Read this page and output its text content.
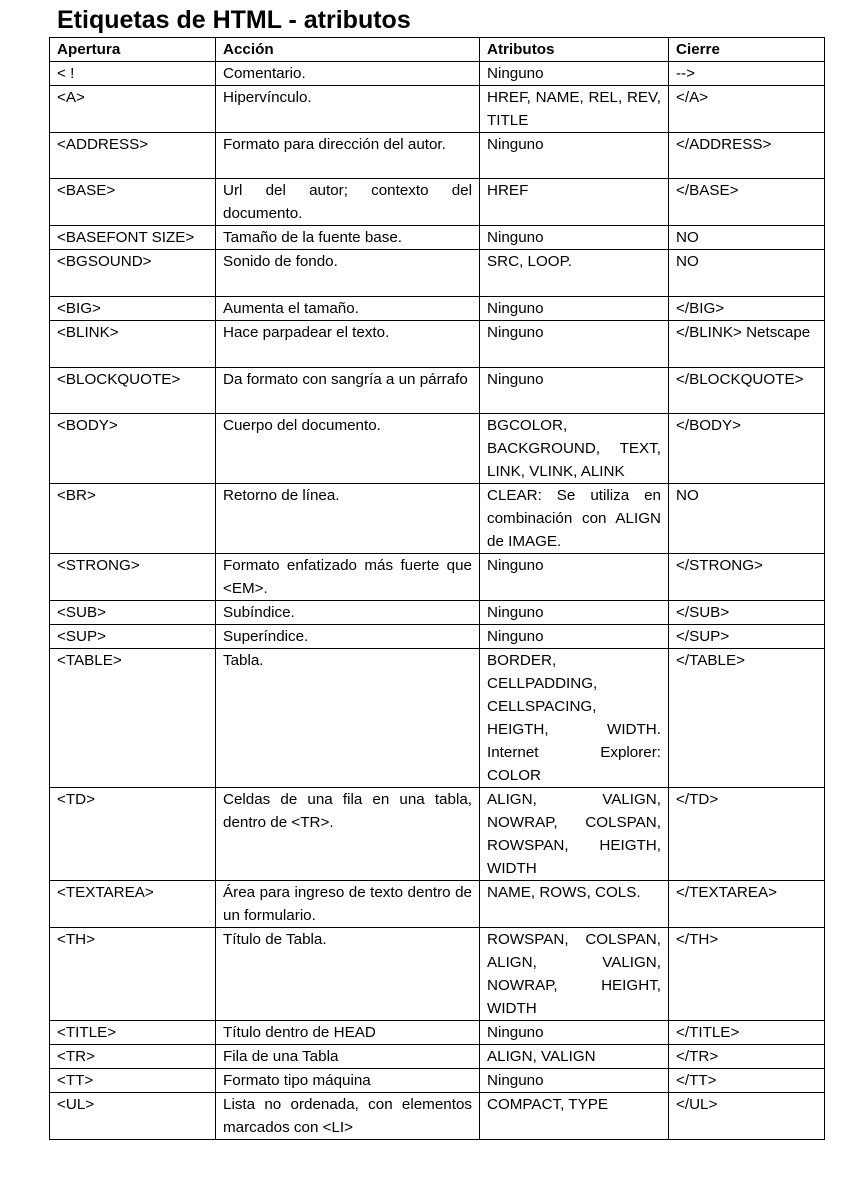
Etiquetas de HTML - atributos
Apertura	Acción	Atributos	Cierre
< !	Comentario.	Ninguno	-->
<A>	Hipervínculo.	HREF, NAME, REL, REV, TITLE	</A>
<ADDRESS>	Formato para dirección del autor.	Ninguno	</ADDRESS>
<BASE>	Url del autor; contexto del documento.	HREF	</BASE>
<BASEFONT SIZE>	Tamaño de la fuente base.	Ninguno	NO
<BGSOUND>	Sonido de fondo.	SRC, LOOP.	NO
<BIG>	Aumenta el tamaño.	Ninguno	</BIG>
<BLINK>	Hace parpadear el texto.	Ninguno	</BLINK> Netscape
<BLOCKQUOTE>	Da formato con sangría a un párrafo	Ninguno	</BLOCKQUOTE>
<BODY>	Cuerpo del documento.	BGCOLOR, BACKGROUND, TEXT, LINK, VLINK, ALINK	</BODY>
<BR>	Retorno de línea.	CLEAR: Se utiliza en combinación con ALIGN de IMAGE.	NO
<STRONG>	Formato enfatizado más fuerte que <EM>.	Ninguno	</STRONG>
<SUB>	Subíndice.	Ninguno	</SUB>
<SUP>	Superíndice.	Ninguno	</SUP>
<TABLE>	Tabla.	BORDER, CELLPADDING, CELLSPACING, HEIGTH, WIDTH. Internet Explorer: COLOR	</TABLE>
<TD>	Celdas de una fila en una tabla, dentro de <TR>.	ALIGN, VALIGN, NOWRAP, COLSPAN, ROWSPAN, HEIGTH, WIDTH	</TD>
<TEXTAREA>	Área para ingreso de texto dentro de un formulario.	NAME, ROWS, COLS.	</TEXTAREA>
<TH>	Título de Tabla.	ROWSPAN, COLSPAN, ALIGN, VALIGN, NOWRAP, HEIGHT, WIDTH	</TH>
<TITLE>	Título dentro de HEAD	Ninguno	</TITLE>
<TR>	Fila de una Tabla	ALIGN, VALIGN	</TR>
<TT>	Formato tipo máquina	Ninguno	</TT>
<UL>	Lista no ordenada, con elementos marcados con <LI>	COMPACT, TYPE	</UL>
